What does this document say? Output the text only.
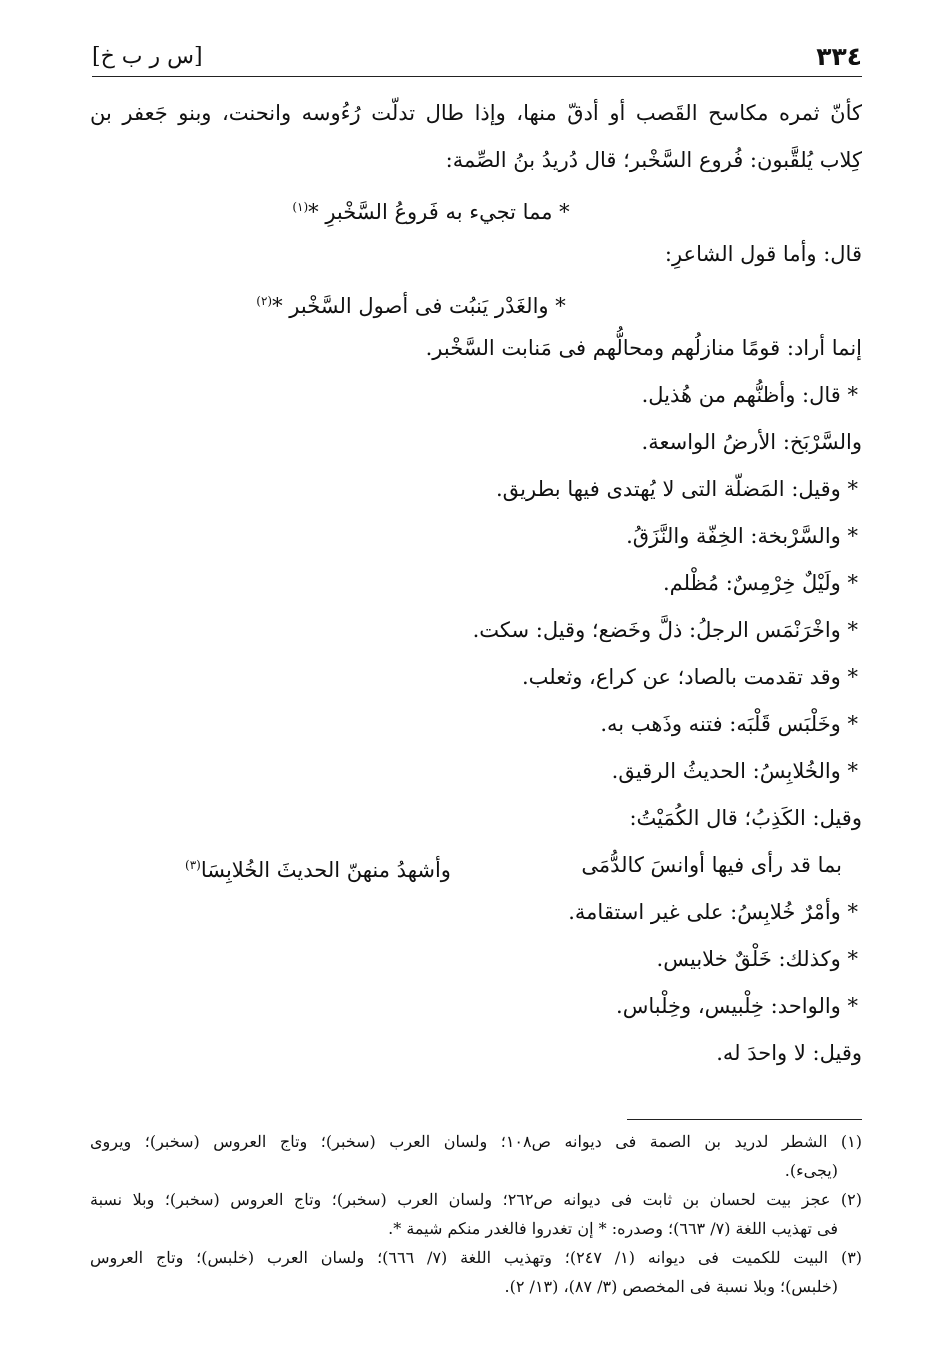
٣٣٤
[س ر ب خ]
كأنّ ثمره مكاسح القَصب أو أدقّ منها، وإذا طال تدلّت رُءُوسه وانحنت، وبنو جَعفر بن
كِلاب يُلقَّبون: فُروع السَّخْبر؛ قال دُريدُ بنُ الصِّمة:
* مما تجيء به فَروعُ السَّخْبرِ *$^{(١)}$
قال: وأما قول الشاعرِ:
* والغَدْر يَنبُت فى أصول السَّخْبر *$^{(٢)}$
إنما أراد: قومًا منازلُهم ومحالُّهم فى مَنابت السَّخْبر.
* قال: وأظنُّهم من هُذيل.
والسَّرْبَخ: الأرضُ الواسعة.
* وقيل: المَضلّة التى لا يُهتدى فيها بطريق.
* والسَّرْبخة: الخِفّة والنَّزَقُ.
* ولَيْلٌ خِرْمِسٌ: مُظْلم.
* واخْرَنْمَس الرجلُ: ذلَّ وخَضع؛ وقيل: سكت.
* وقد تقدمت بالصاد؛ عن كراع، وثعلب.
* وخَلْبَس قَلْبَه: فتنه وذَهب به.
* والخُلابِسُ: الحديثُ الرقيق.
وقيل: الكَذِبُ؛ قال الكُمَيْتُ:
بما قد رأى فيها أوانسَ كالدُّمَى
وأشهدُ منهنّ الحديثَ الخُلابِسَا$^{(٣)}$
* وأمْرٌ خُلابِسُ: على غير استقامة.
* وكذلك: خَلْقٌ خلابيس.
* والواحد: خِلْبيس، وخِلْباس.
وقيل: لا واحدَ له.
(١) الشطر لدريد بن الصمة فى ديوانه ص١٠٨؛ ولسان العرب (سخبر)؛ وتاج العروس (سخبر)؛ ويروى
(يجىء).
(٢) عجز بيت لحسان بن ثابت فى ديوانه ص٢٦٢؛ ولسان العرب (سخبر)؛ وتاج العروس (سخبر)؛ وبلا نسبة
فى تهذيب اللغة (٧/ ٦٦٣)؛ وصدره: * إن تغدروا فالغدر منكم شيمة *.
(٣) البيت للكميت فى ديوانه (١/ ٢٤٧)؛ وتهذيب اللغة (٧/ ٦٦٦)؛ ولسان العرب (خلبس)؛ وتاج العروس
(خلبس)؛ وبلا نسبة فى المخصص (٣/ ٨٧)، (١٣/ ٢).
